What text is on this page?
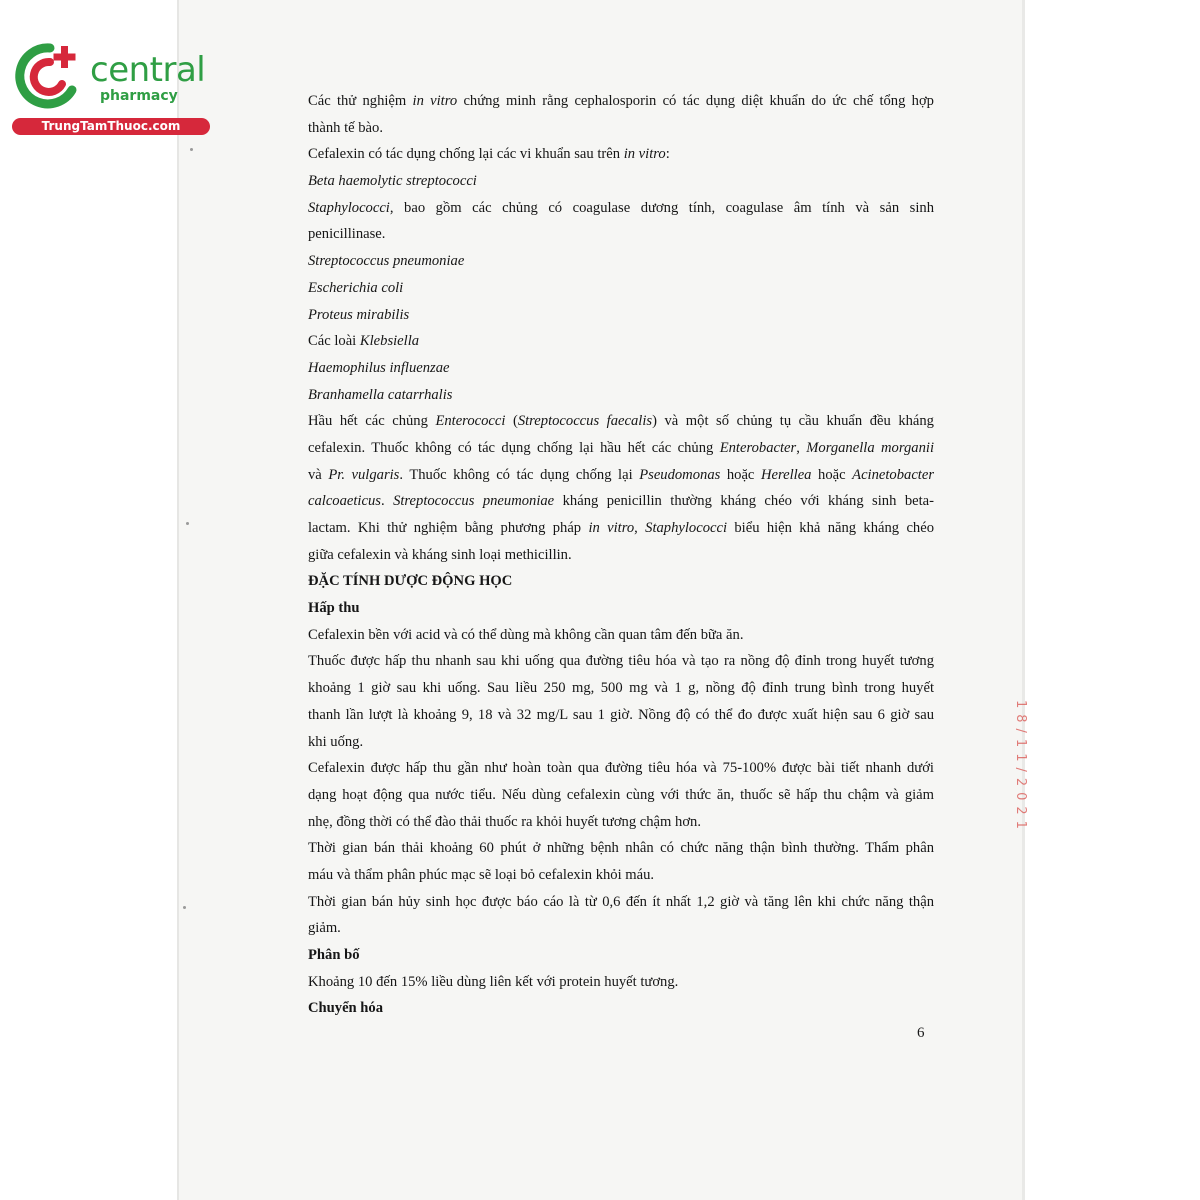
central
pharmacy
TrungTamThuoc.com

Các thử nghiệm in vitro chứng minh rằng cephalosporin có tác dụng diệt khuẩn do ức chế tổng hợp

thành tế bào.

Cefalexin có tác dụng chống lại các vi khuẩn sau trên in vitro:

Beta haemolytic streptococci

Staphylococci, bao gồm các chủng có coagulase dương tính, coagulase âm tính và sản sinh

penicillinase.

Streptococcus pneumoniae

Escherichia coli

Proteus mirabilis

Các loài Klebsiella

Haemophilus influenzae

Branhamella catarrhalis

Hầu hết các chủng Enterococci (Streptococcus faecalis) và một số chủng tụ cầu khuẩn đều kháng

cefalexin. Thuốc không có tác dụng chống lại hầu hết các chủng Enterobacter, Morganella morganii

và Pr. vulgaris. Thuốc không có tác dụng chống lại Pseudomonas hoặc Herellea hoặc Acinetobacter

calcoaeticus. Streptococcus pneumoniae kháng penicillin thường kháng chéo với kháng sinh beta-

lactam. Khi thử nghiệm bằng phương pháp in vitro, Staphylococci biểu hiện khả năng kháng chéo

giữa cefalexin và kháng sinh loại methicillin.

ĐẶC TÍNH DƯỢC ĐỘNG HỌC

Hấp thu

Cefalexin bền với acid và có thể dùng mà không cần quan tâm đến bữa ăn.

Thuốc được hấp thu nhanh sau khi uống qua đường tiêu hóa và tạo ra nồng độ đỉnh trong huyết tương

khoảng 1 giờ sau khi uống. Sau liều 250 mg, 500 mg và 1 g, nồng độ đỉnh trung bình trong huyết

thanh lần lượt là khoảng 9, 18 và 32 mg/L sau 1 giờ. Nồng độ có thể đo được xuất hiện sau 6 giờ sau

khi uống.

Cefalexin được hấp thu gần như hoàn toàn qua đường tiêu hóa và 75-100% được bài tiết nhanh dưới

dạng hoạt động qua nước tiểu. Nếu dùng cefalexin cùng với thức ăn, thuốc sẽ hấp thu chậm và giảm

nhẹ, đồng thời có thể đào thải thuốc ra khỏi huyết tương chậm hơn.

Thời gian bán thải khoảng 60 phút ở những bệnh nhân có chức năng thận bình thường. Thẩm phân

máu và thẩm phân phúc mạc sẽ loại bỏ cefalexin khỏi máu.

Thời gian bán hủy sinh học được báo cáo là từ 0,6 đến ít nhất 1,2 giờ và tăng lên khi chức năng thận

giảm.

Phân bố

Khoảng 10 đến 15% liều dùng liên kết với protein huyết tương.

Chuyển hóa

6
18/11/2021
